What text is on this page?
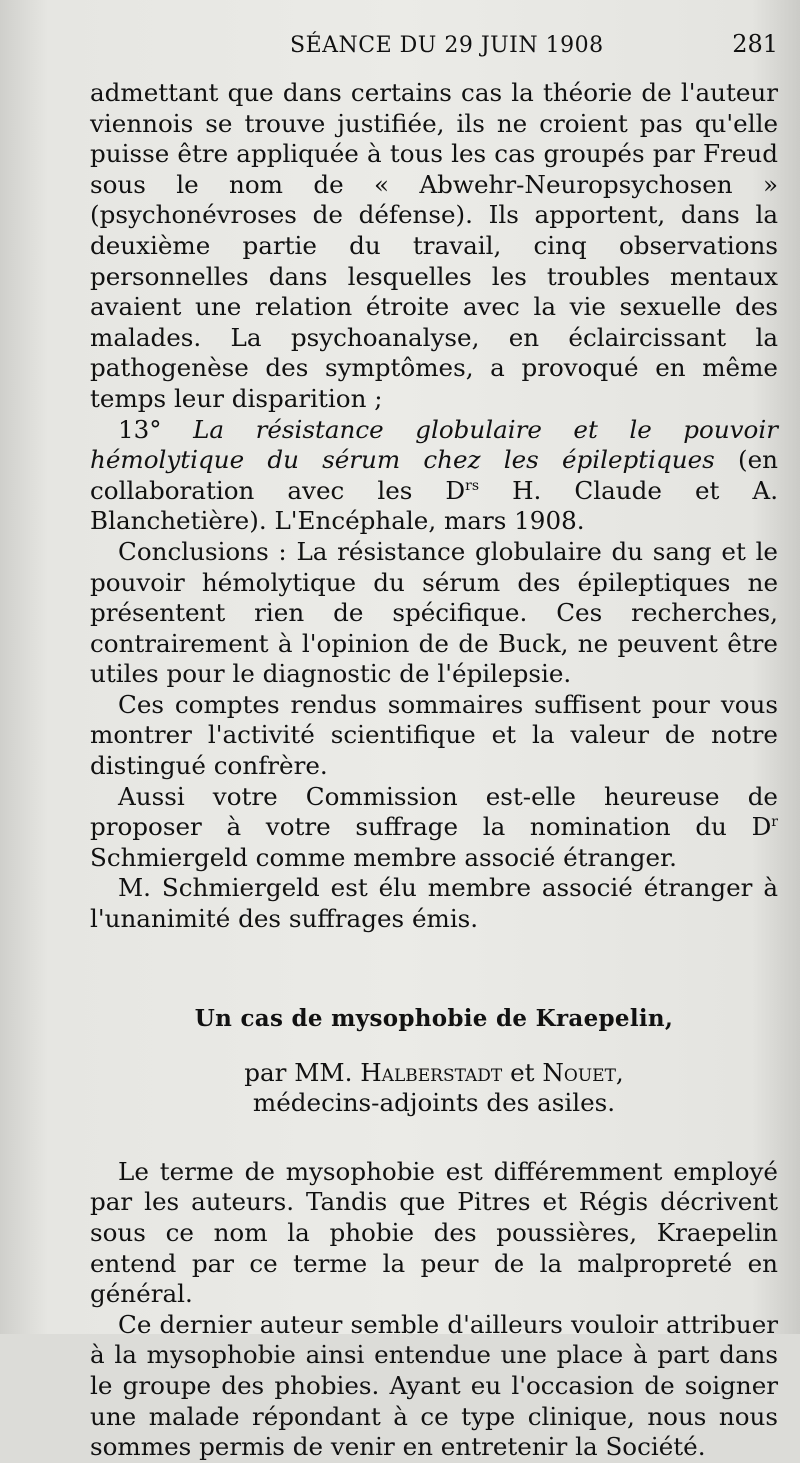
SÉANCE DU 29 JUIN 1908	281

admettant que dans certains cas la théorie de l'auteur viennois se trouve justifiée, ils ne croient pas qu'elle puisse être appliquée à tous les cas groupés par Freud sous le nom de « Abwehr-Neuropsychosen » (psychonévroses de défense). Ils apportent, dans la deuxième partie du travail, cinq observations personnelles dans lesquelles les troubles mentaux avaient une relation étroite avec la vie sexuelle des malades. La psychoanalyse, en éclaircissant la pathogenèse des symptômes, a provoqué en même temps leur disparition ;

13° La résistance globulaire et le pouvoir hémolytique du sérum chez les épileptiques (en collaboration avec les $D^{rs}$ H. Claude et A. Blanchetière). L'Encéphale, mars 1908.

Conclusions : La résistance globulaire du sang et le pouvoir hémolytique du sérum des épileptiques ne présentent rien de spécifique. Ces recherches, contrairement à l'opinion de de Buck, ne peuvent être utiles pour le diagnostic de l'épilepsie.

Ces comptes rendus sommaires suffisent pour vous montrer l'activité scientifique et la valeur de notre distingué confrère.

Aussi votre Commission est-elle heureuse de proposer à votre suffrage la nomination du $D^r$ Schmiergeld comme membre associé étranger.

M. Schmiergeld est élu membre associé étranger à l'unanimité des suffrages émis.

Un cas de mysophobie de Kraepelin,
par MM. Halberstadt et Nouet,
médecins-adjoints des asiles.

Le terme de mysophobie est différemment employé par les auteurs. Tandis que Pitres et Régis décrivent sous ce nom la phobie des poussières, Kraepelin entend par ce terme la peur de la malpropreté en général.

Ce dernier auteur semble d'ailleurs vouloir attribuer à la mysophobie ainsi entendue une place à part dans le groupe des phobies. Ayant eu l'occasion de soigner une malade répondant à ce type clinique, nous nous sommes permis de venir en entretenir la Société.
